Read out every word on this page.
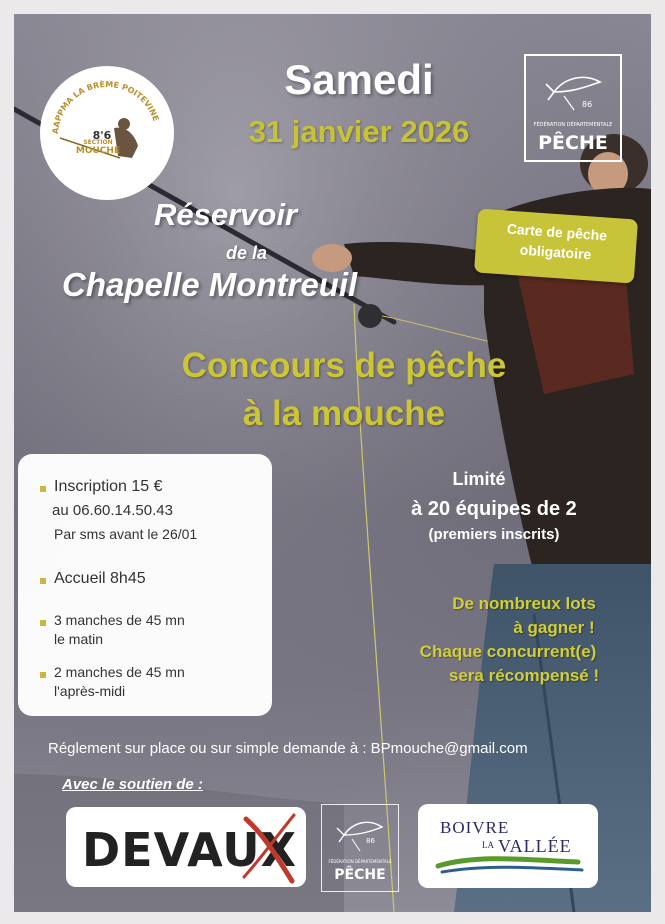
AAPPMA LA BRÈME POITEVINE
8'6
SECTION
MOUCHE
86
FÉDÉRATION DÉPARTEMENTALE
PÊCHE
Samedi
31 janvier 2026
Réservoir
de la
Chapelle Montreuil
Carte de pêche
obligatoire
Concours de pêche
à la mouche
Inscription 15 €
au 06.60.14.50.43
Par sms avant le 26/01
Accueil 8h45
3 manches de 45 mn
le matin
2 manches de 45 mn
l'après-midi
Limité
à 20 équipes de 2
(premiers inscrits)
De nombreux lots
à gagner !
Chaque concurrent(e)
sera récompensé !
Réglement sur place ou sur simple demande à : BPmouche@gmail.com
Avec le soutien de :
DEVAUX	86
FÉDÉRATION DÉPARTEMENTALE
PÊCHE
BOIVRE
LA VALLÉE
